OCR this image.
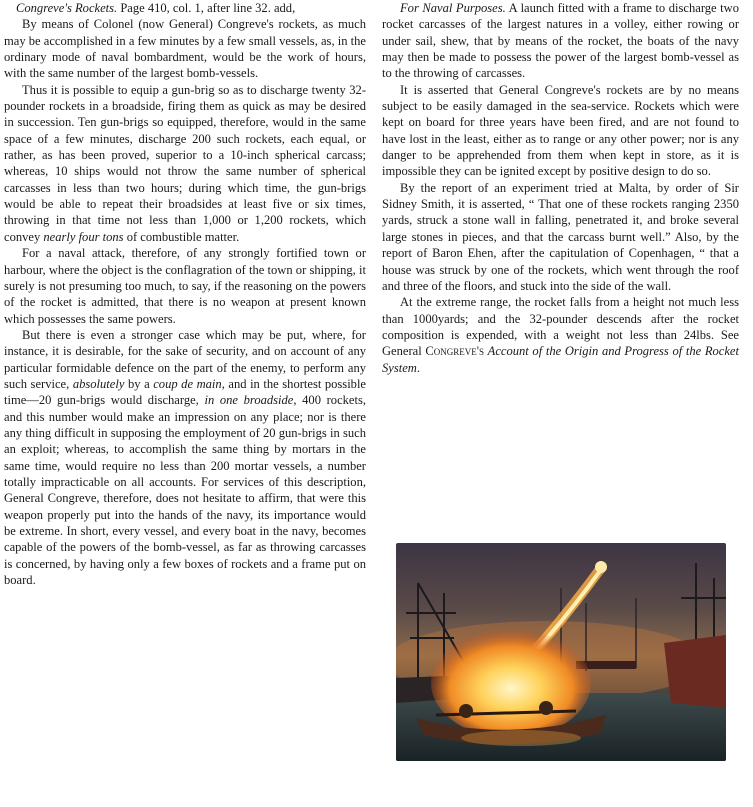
Congreve's Rockets. Page 410, col. 1, after line 32. add,

By means of Colonel (now General) Congreve's rockets, as much may be accomplished in a few minutes by a few small vessels, as, in the ordinary mode of naval bombardment, would be the work of hours, with the same number of the largest bomb-vessels.

Thus it is possible to equip a gun-brig so as to discharge twenty 32-pounder rockets in a broadside, firing them as quick as may be desired in succession. Ten gun-brigs so equipped, therefore, would in the same space of a few minutes, discharge 200 such rockets, each equal, or rather, as has been proved, superior to a 10-inch spherical carcass; whereas, 10 ships would not throw the same number of spherical carcasses in less than two hours; during which time, the gun-brigs would be able to repeat their broadsides at least five or six times, throwing in that time not less than 1,000 or 1,200 rockets, which convey nearly four tons of combustible matter.

For a naval attack, therefore, of any strongly fortified town or harbour, where the object is the conflagration of the town or shipping, it surely is not presuming too much, to say, if the reasoning on the powers of the rocket is admitted, that there is no weapon at present known which possesses the same powers.

But there is even a stronger case which may be put, where, for instance, it is desirable, for the sake of security, and on account of any particular formidable defence on the part of the enemy, to perform any such service, absolutely by a coup de main, and in the shortest possible time—20 gun-brigs would discharge, in one broadside, 400 rockets, and this number would make an impression on any place; nor is there any thing difficult in supposing the employment of 20 gun-brigs in such an exploit; whereas, to accomplish the same thing by mortars in the same time, would require no less than 200 mortar vessels, a number totally impracticable on all accounts. For services of this description, General Congreve, therefore, does not hesitate to affirm, that were this weapon properly put into the hands of the navy, its importance would be extreme. In short, every vessel, and every boat in the navy, becomes capable of the powers of the bomb-vessel, as far as throwing carcasses is concerned, by having only a few boxes of rockets and a frame put on board.

For Naval Purposes. A launch fitted with a frame to discharge two rocket carcasses of the largest natures in a volley, either rowing or under sail, shew, that by means of the rocket, the boats of the navy may then be made to possess the power of the largest bomb-vessel as to the throwing of carcasses.

It is asserted that General Congreve's rockets are by no means subject to be easily damaged in the sea-service. Rockets which were kept on board for three years have been fired, and are not found to have lost in the least, either as to range or any other power; nor is any danger to be apprehended from them when kept in store, as it is impossible they can be ignited except by positive design to do so.

By the report of an experiment tried at Malta, by order of Sir Sidney Smith, it is asserted, “ That one of these rockets ranging 2350 yards, struck a stone wall in falling, penetrated it, and broke several large stones in pieces, and that the carcass burnt well.” Also, by the report of Baron Ehen, after the capitulation of Copenhagen, “ that a house was struck by one of the rockets, which went through the roof and three of the floors, and stuck into the side of the wall.

At the extreme range, the rocket falls from a height not much less than 1000yards; and the 32-pounder descends after the rocket composition is expended, with a weight not less than 24lbs. See General Congreve's Account of the Origin and Progress of the Rocket System.
